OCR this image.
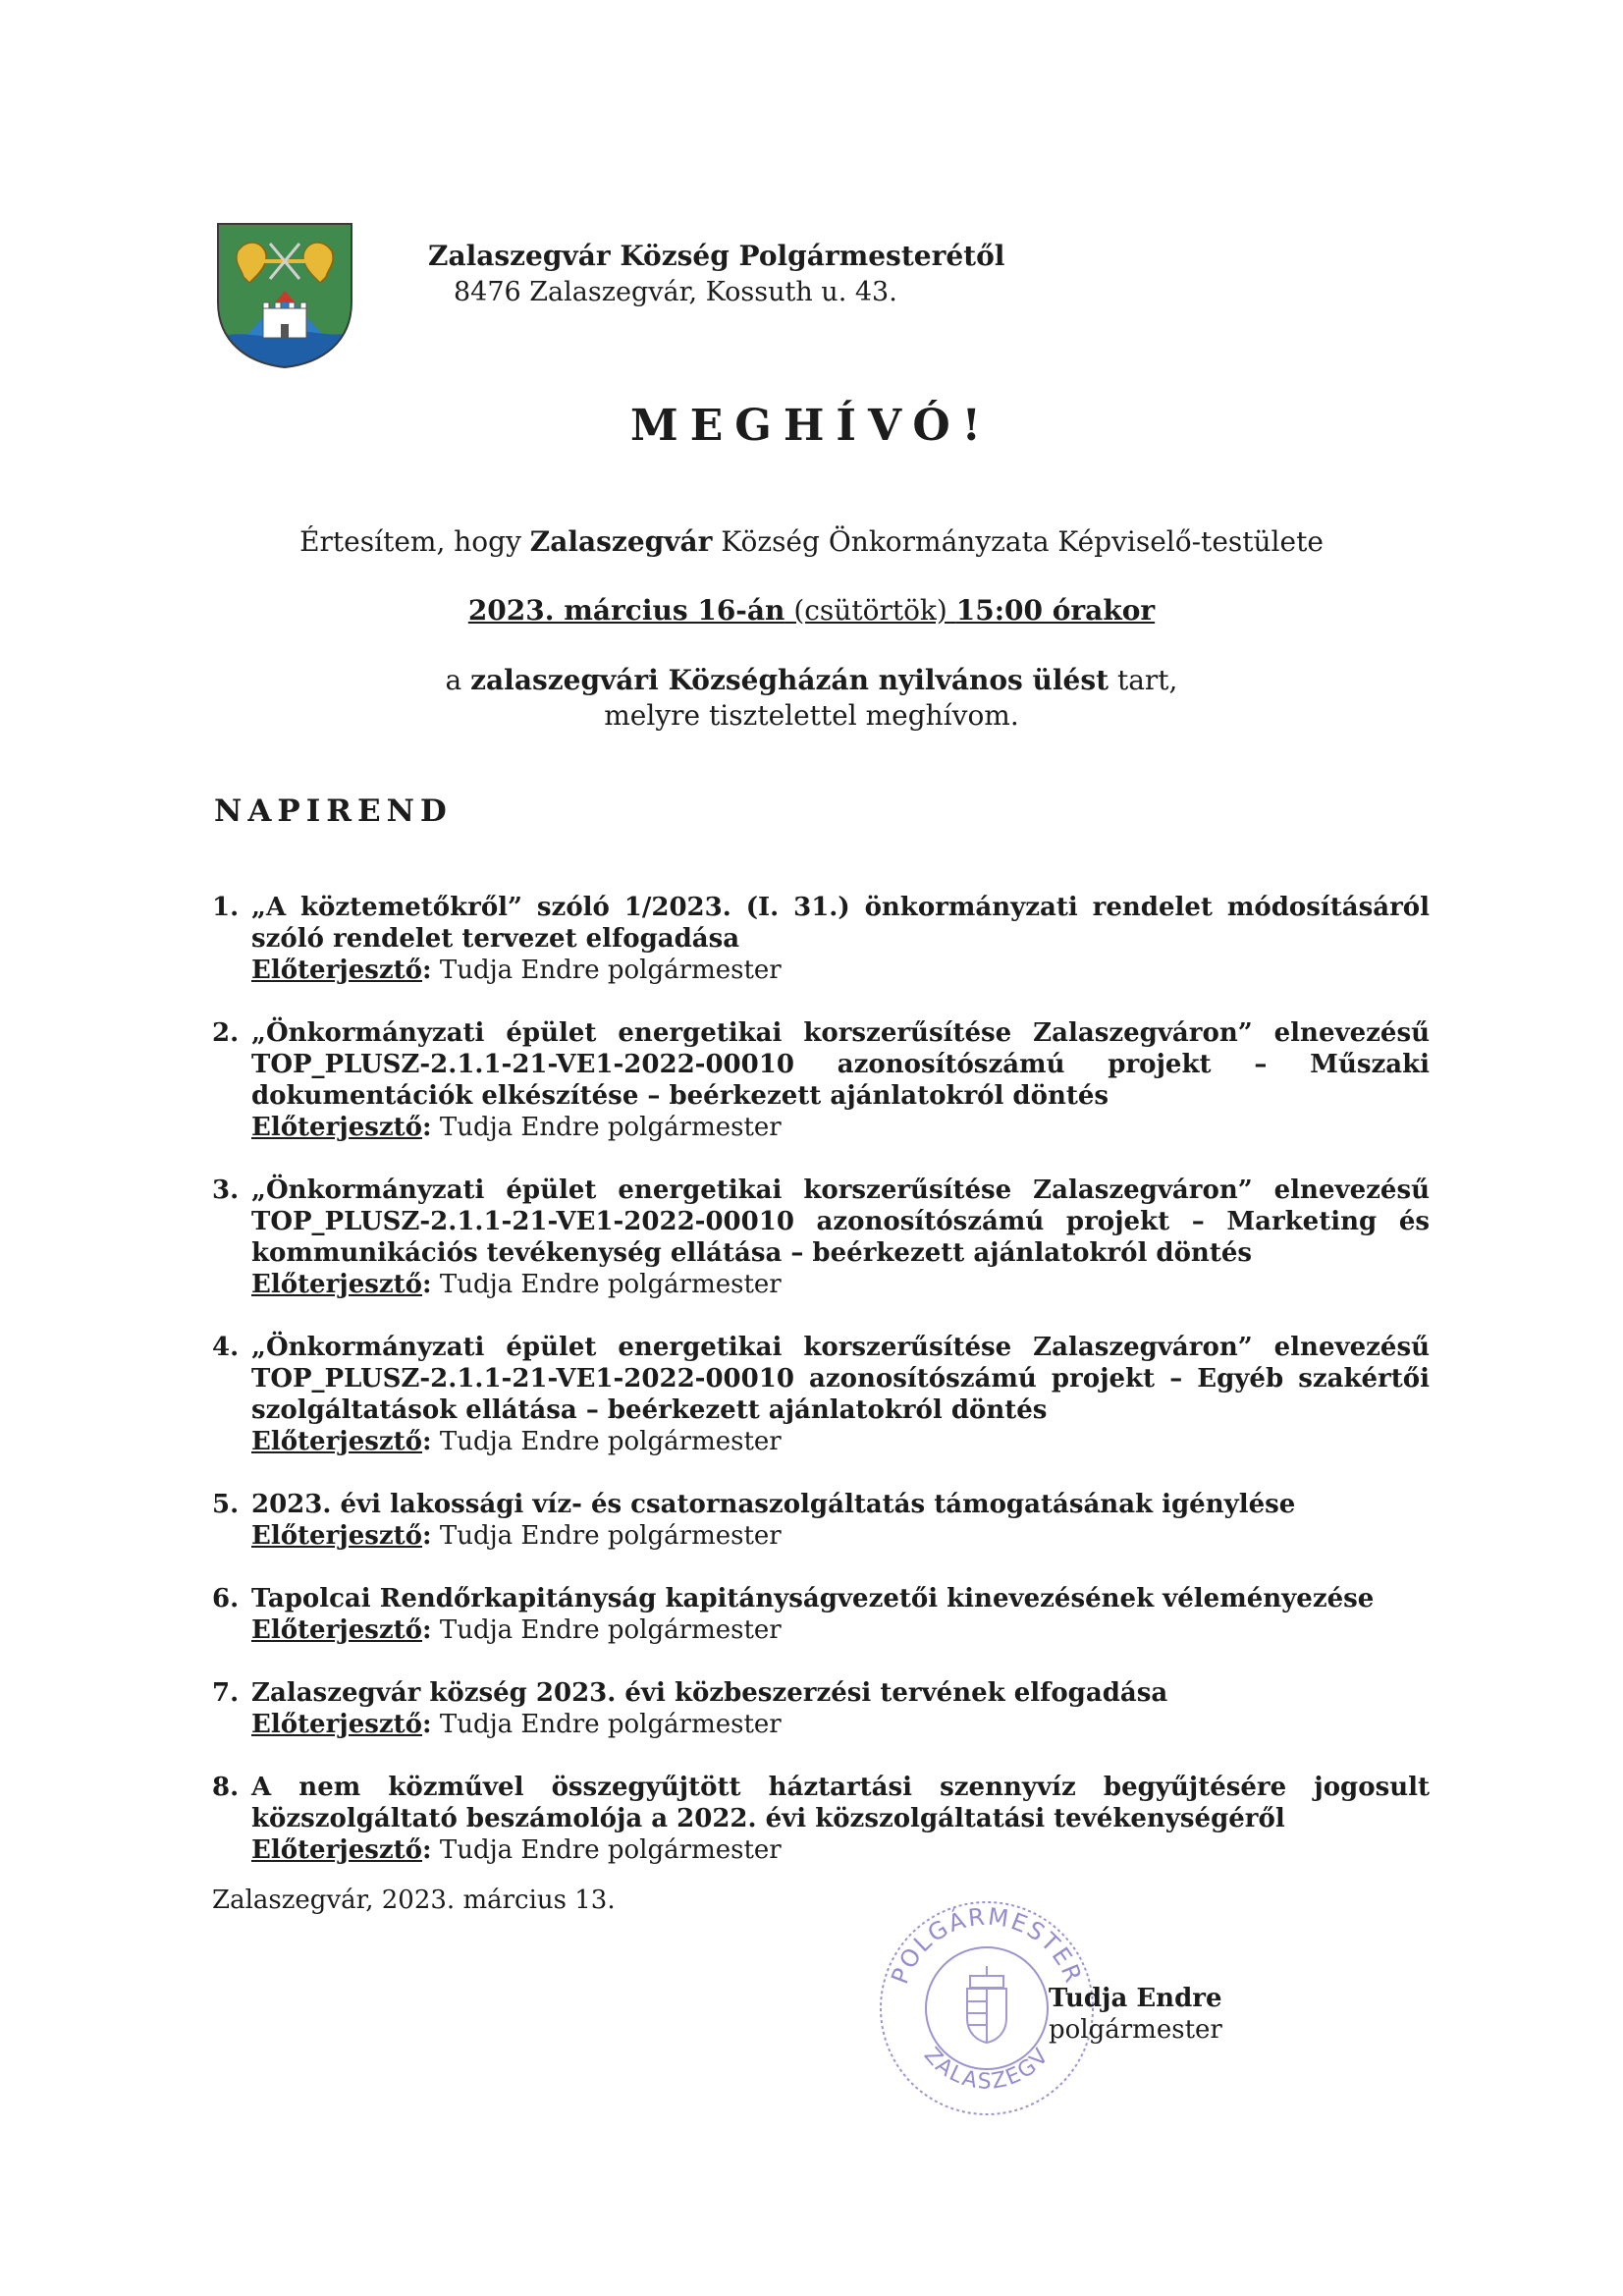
Zalaszegvár Község Polgármesterétől
8476 Zalaszegvár, Kossuth u. 43.
MEGHÍVÓ!
Értesítem, hogy Zalaszegvár Község Önkormányzata Képviselő-testülete
2023. március 16-án (csütörtök) 15:00 órakor
a zalaszegvári Községházán nyilvános ülést tart,
melyre tisztelettel meghívom.
NAPIREND
1. „A köztemetőkről” szóló 1/2023. (I. 31.) önkormányzati rendelet módosításáról szóló rendelet tervezet elfogadása
Előterjesztő: Tudja Endre polgármester
2. „Önkormányzati épület energetikai korszerűsítése Zalaszegváron” elnevezésű TOP_PLUSZ-2.1.1-21-VE1-2022-00010 azonosítószámú projekt – Műszaki dokumentációk elkészítése – beérkezett ajánlatokról döntés
Előterjesztő: Tudja Endre polgármester
3. „Önkormányzati épület energetikai korszerűsítése Zalaszegváron” elnevezésű TOP_PLUSZ-2.1.1-21-VE1-2022-00010 azonosítószámú projekt – Marketing és kommunikációs tevékenység ellátása – beérkezett ajánlatokról döntés
Előterjesztő: Tudja Endre polgármester
4. „Önkormányzati épület energetikai korszerűsítése Zalaszegváron” elnevezésű TOP_PLUSZ-2.1.1-21-VE1-2022-00010 azonosítószámú projekt – Egyéb szakértői szolgáltatások ellátása – beérkezett ajánlatokról döntés
Előterjesztő: Tudja Endre polgármester
5. 2023. évi lakossági víz- és csatornaszolgáltatás támogatásának igénylése
Előterjesztő: Tudja Endre polgármester
6. Tapolcai Rendőrkapitányság kapitányságvezetői kinevezésének véleményezése
Előterjesztő: Tudja Endre polgármester
7. Zalaszegvár község 2023. évi közbeszerzési tervének elfogadása
Előterjesztő: Tudja Endre polgármester
8. A nem közművel összegyűjtött háztartási szennyvíz begyűjtésére jogosult közszolgáltató beszámolója a 2022. évi közszolgáltatási tevékenységéről
Előterjesztő: Tudja Endre polgármester
Zalaszegvár, 2023. március 13.
POLGÁRMESTER
ZALASZEGV
Tudja Endre
polgármester
